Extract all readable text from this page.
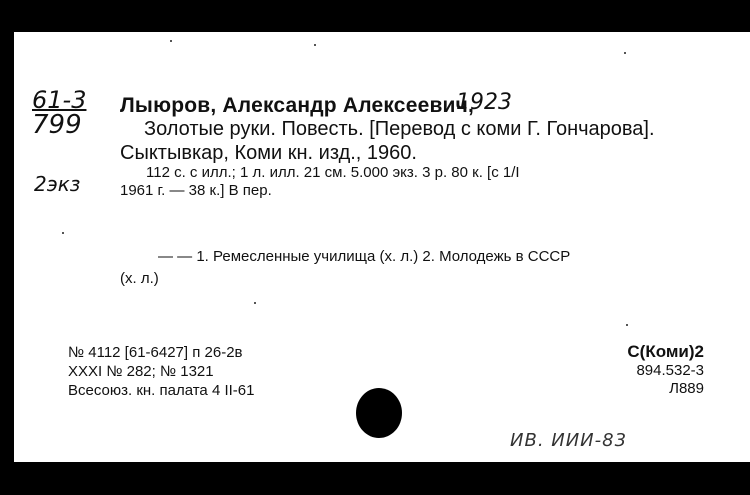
61-3
799
2экз
Лыюров, Александр Алексеевич,
1923
Золотые руки. Повесть. [Перевод с коми Г. Гончарова].
Сыктывкар, Коми кн. изд., 1960.
112 с. с илл.; 1 л. илл. 21 см. 5.000 экз. 3 р. 80 к. [с 1/I
1961 г. — 38 к.] В пер.
— — 1. Ремесленные училища (х. л.) 2. Молодежь в СССР
(х. л.)
№ 4112 [61-6427] п 26-2в
XXXI № 282; № 1321
Всесоюз. кн. палата 4 II-61
С(Коми)2
894.532-3
Л889
ИВ. ИИИ-83
